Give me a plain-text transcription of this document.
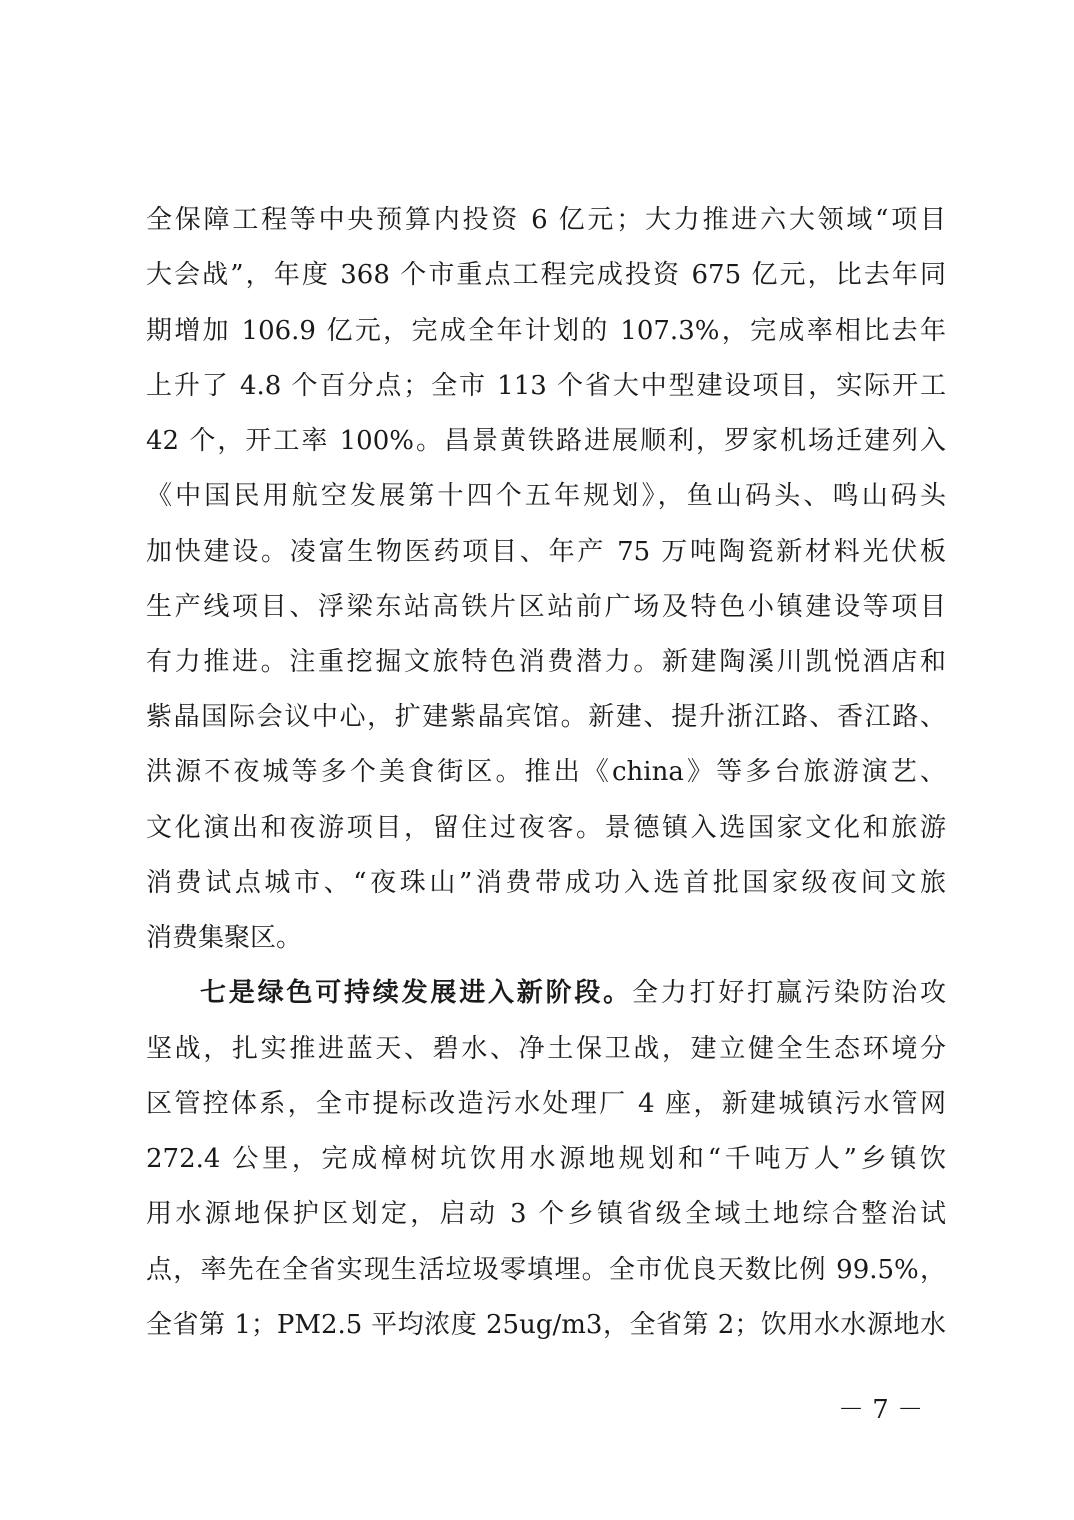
全保障工程等中央预算内投资 6 亿元；大力推进六大领域“项目
大会战”，年度 368 个市重点工程完成投资 675 亿元，比去年同
期增加 106.9 亿元，完成全年计划的 107.3%，完成率相比去年
上升了 4.8 个百分点；全市 113 个省大中型建设项目，实际开工
42 个，开工率 100%。昌景黄铁路进展顺利，罗家机场迁建列入
《中国民用航空发展第十四个五年规划》，鱼山码头、鸣山码头
加快建设。凌富生物医药项目、年产 75 万吨陶瓷新材料光伏板
生产线项目、浮梁东站高铁片区站前广场及特色小镇建设等项目
有力推进。注重挖掘文旅特色消费潜力。新建陶溪川凯悦酒店和
紫晶国际会议中心，扩建紫晶宾馆。新建、提升浙江路、香江路、
洪源不夜城等多个美食街区。推出《china》等多台旅游演艺、
文化演出和夜游项目，留住过夜客。景德镇入选国家文化和旅游
消费试点城市、“夜珠山”消费带成功入选首批国家级夜间文旅
消费集聚区。
七是绿色可持续发展进入新阶段。全力打好打赢污染防治攻
坚战，扎实推进蓝天、碧水、净土保卫战，建立健全生态环境分
区管控体系，全市提标改造污水处理厂 4 座，新建城镇污水管网
272.4 公里，完成樟树坑饮用水源地规划和“千吨万人”乡镇饮
用水源地保护区划定，启动 3 个乡镇省级全域土地综合整治试
点，率先在全省实现生活垃圾零填埋。全市优良天数比例 99.5%，
全省第 1；PM2.5 平均浓度 25ug/m3，全省第 2；饮用水水源地水
－ 7 －
